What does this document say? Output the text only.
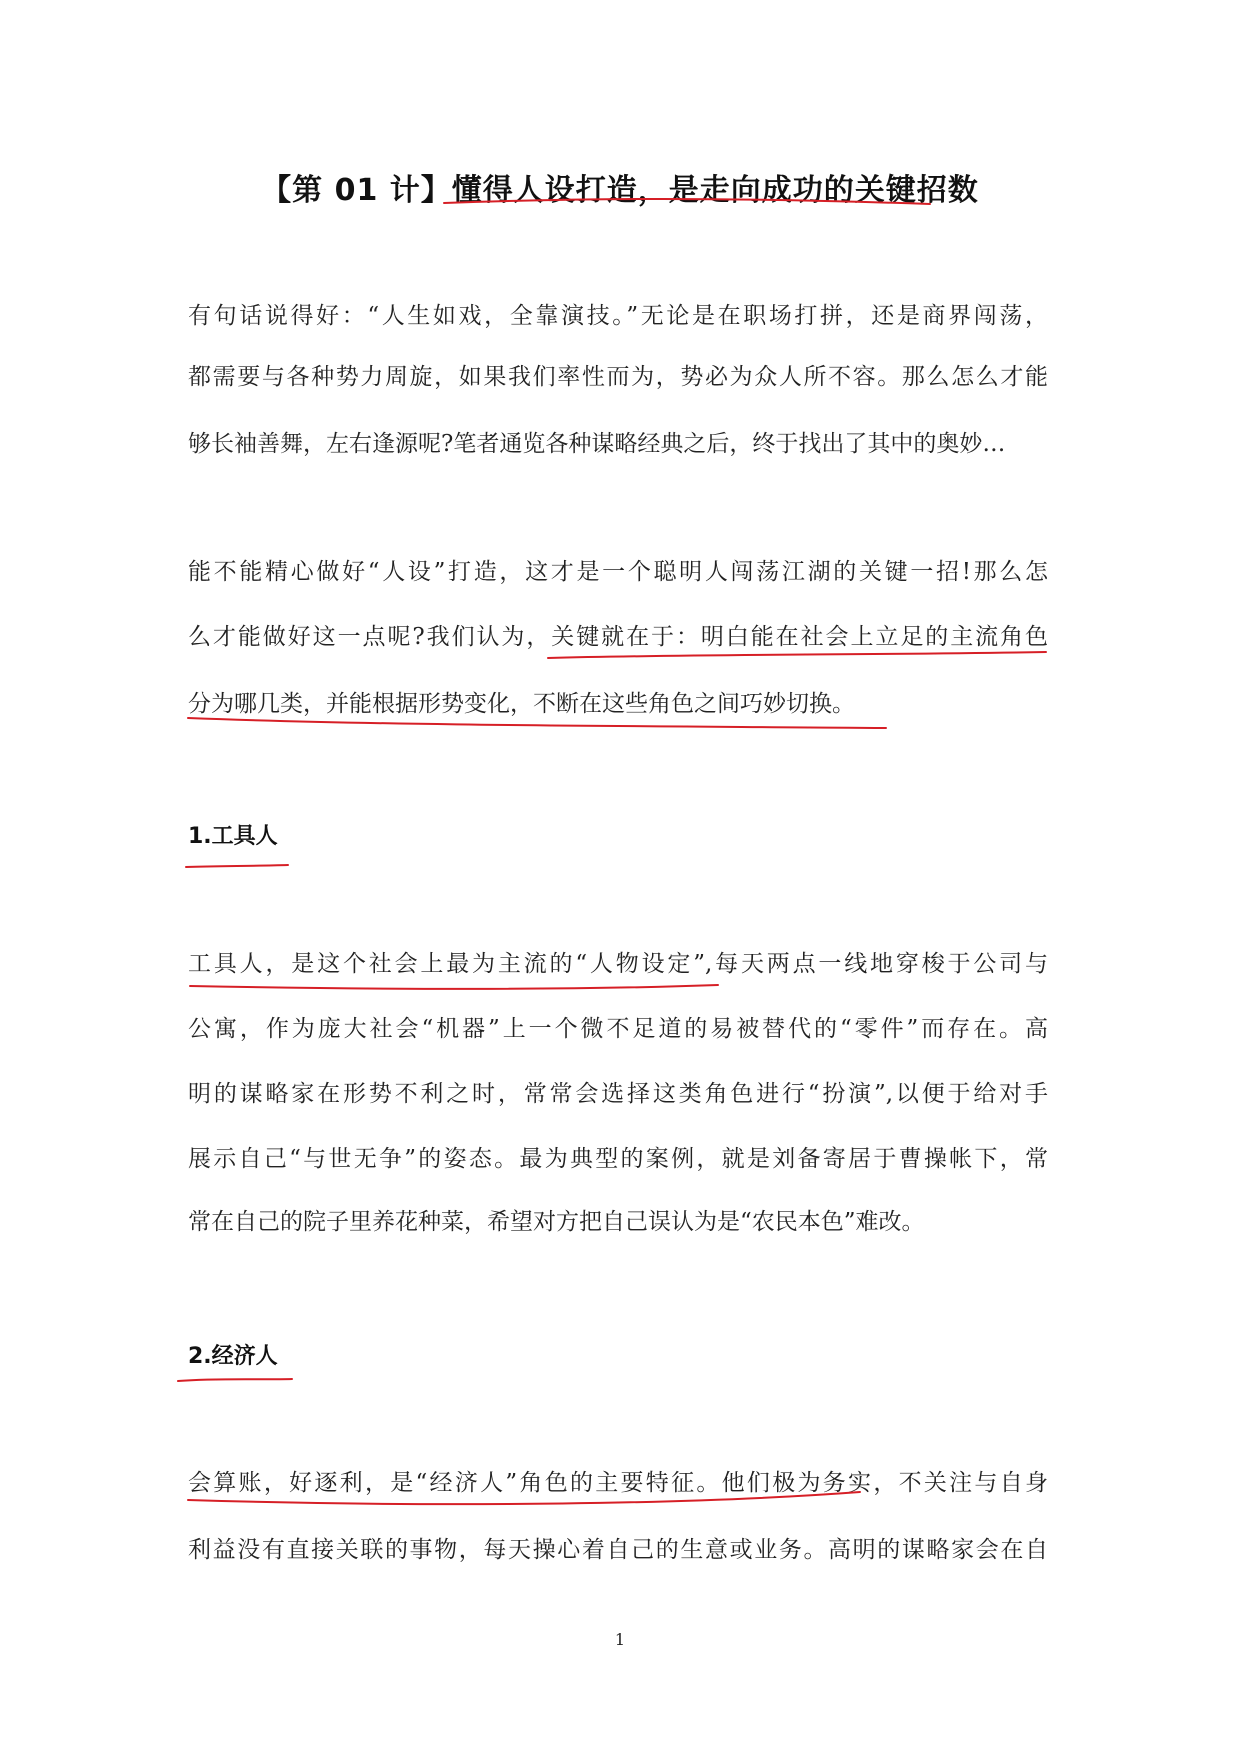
【第 01 计】懂得人设打造，是走向成功的关键招数
有句话说得好：“人生如戏，全靠演技。”无论是在职场打拼，还是商界闯荡，
都需要与各种势力周旋，如果我们率性而为，势必为众人所不容。那么怎么才能
够长袖善舞，左右逢源呢?笔者通览各种谋略经典之后，终于找出了其中的奥妙…
能不能精心做好“人设”打造，这才是一个聪明人闯荡江湖的关键一招!那么怎
么才能做好这一点呢?我们认为，关键就在于：明白能在社会上立足的主流角色
分为哪几类，并能根据形势变化，不断在这些角色之间巧妙切换。
1.工具人
工具人，是这个社会上最为主流的“人物设定”,每天两点一线地穿梭于公司与
公寓，作为庞大社会“机器”上一个微不足道的易被替代的“零件”而存在。高
明的谋略家在形势不利之时，常常会选择这类角色进行“扮演”,以便于给对手
展示自己“与世无争”的姿态。最为典型的案例，就是刘备寄居于曹操帐下，常
常在自己的院子里养花种菜，希望对方把自己误认为是“农民本色”难改。
2.经济人
会算账，好逐利，是“经济人”角色的主要特征。他们极为务实，不关注与自身
利益没有直接关联的事物，每天操心着自己的生意或业务。高明的谋略家会在自
1
